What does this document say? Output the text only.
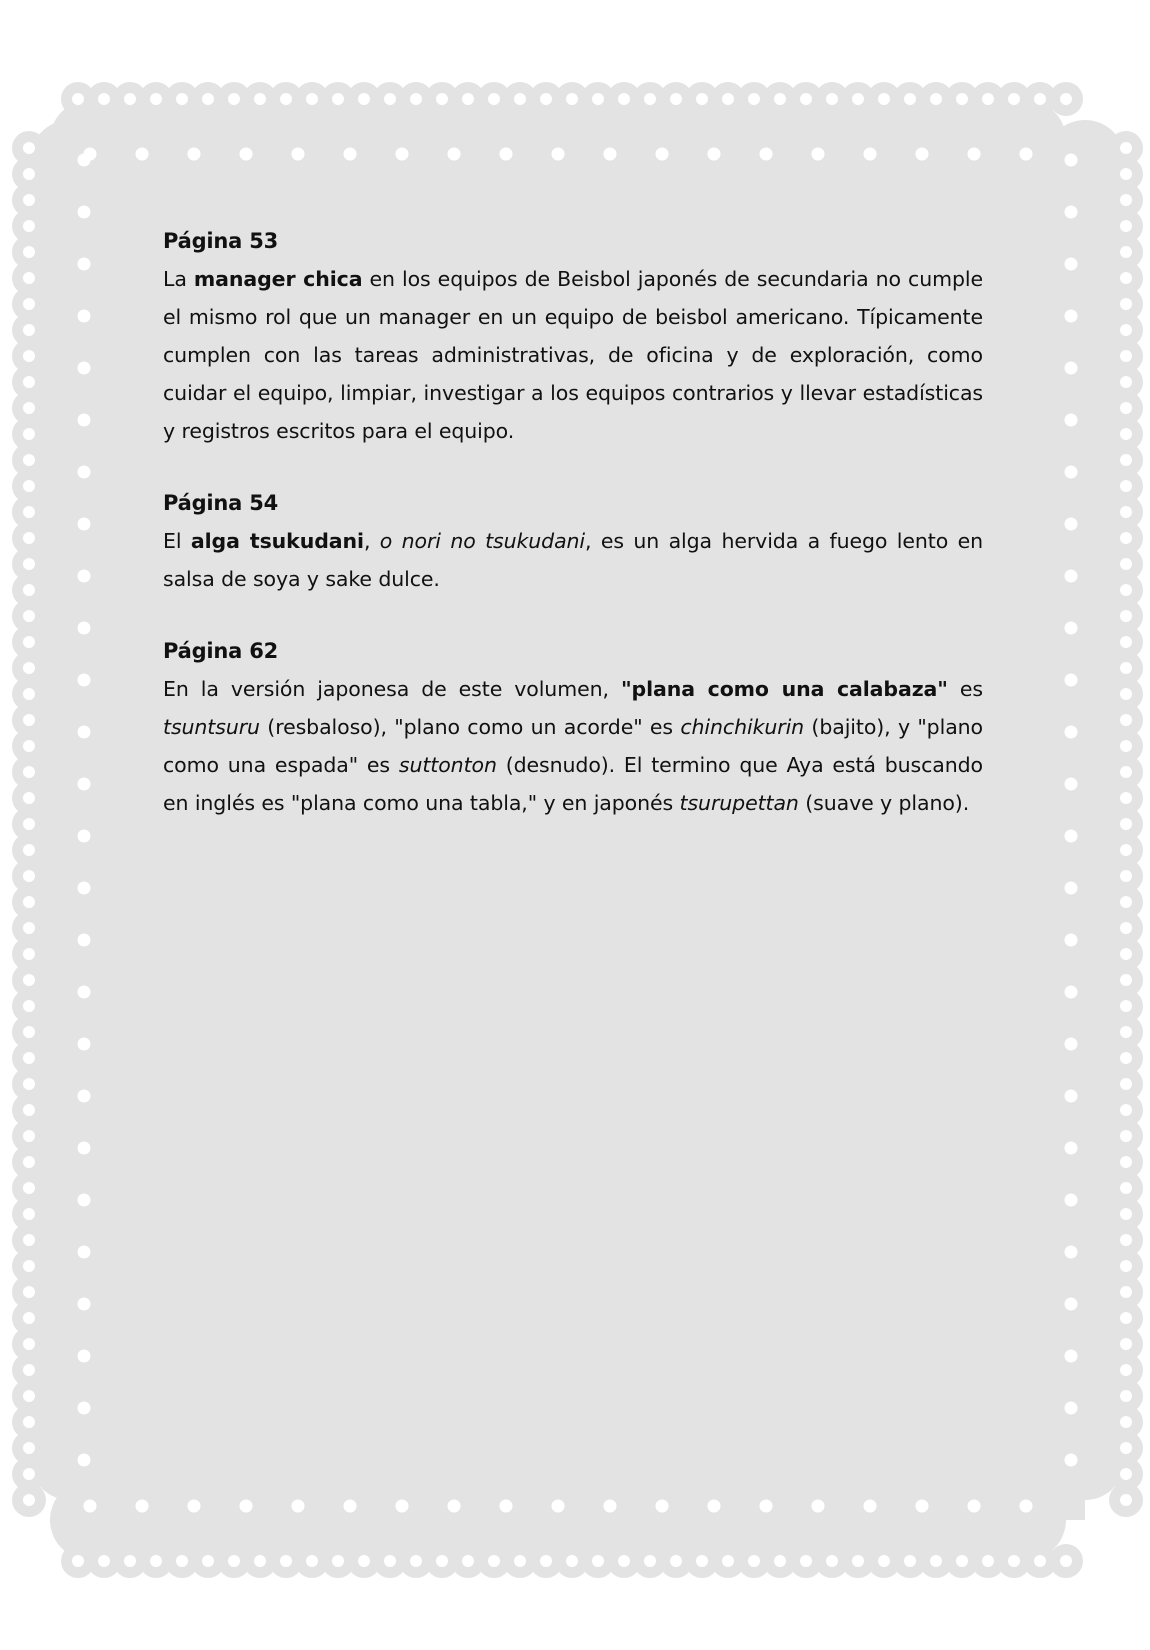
Página 53

La manager chica en los equipos de Beisbol japonés de secundaria no cumple el mismo rol que un manager en un equipo de beisbol americano. Típicamente cumplen con las tareas administrativas, de oficina y de exploración, como cuidar el equipo, limpiar, investigar a los equipos contrarios y llevar estadísticas y registros escritos para el equipo.

Página 54

El alga tsukudani, o nori no tsukudani, es un alga hervida a fuego lento en salsa de soya y sake dulce.

Página 62

En la versión japonesa de este volumen, "plana como una calabaza" es tsuntsuru (resbaloso), "plano como un acorde" es chinchikurin (bajito), y "plano como una espada" es suttonton (desnudo). El termino que Aya está buscando en inglés es "plana como una tabla," y en japonés tsurupettan (suave y plano).
